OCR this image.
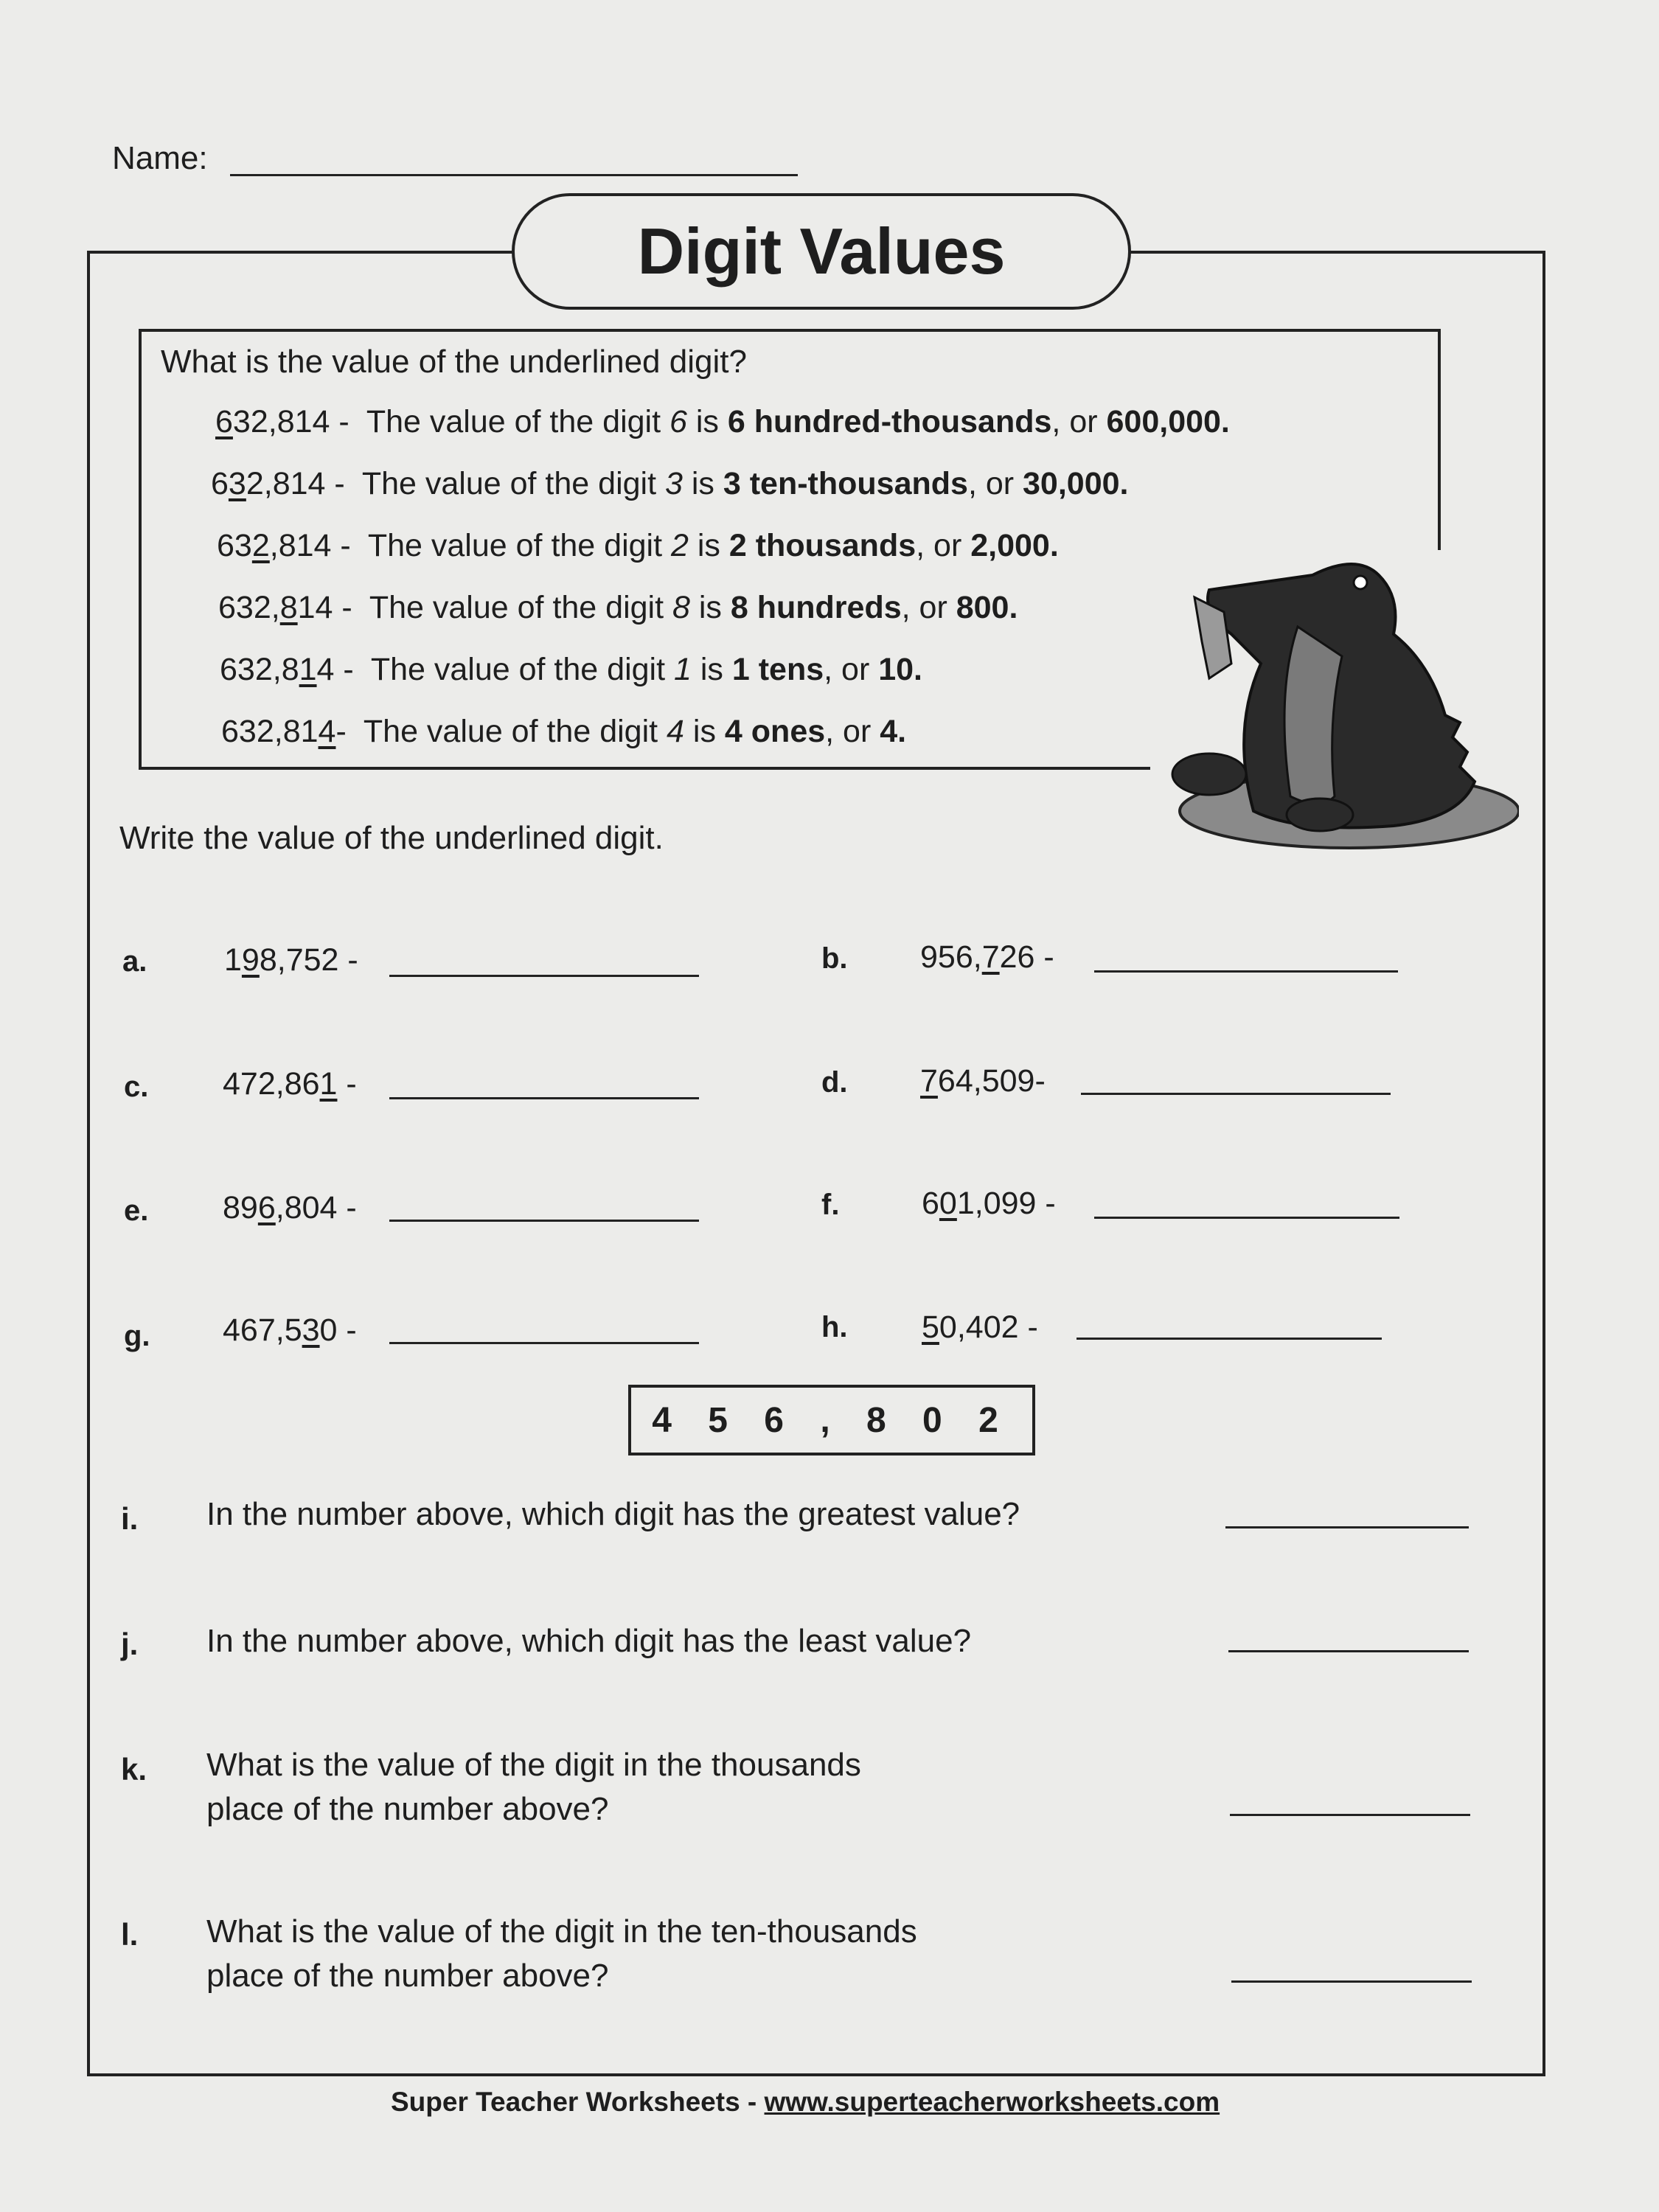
Name:
Digit Values
What is the value of the underlined digit?
632,814 -  The value of the digit 6 is 6 hundred-thousands, or 600,000.
632,814 -  The value of the digit 3 is 3 ten-thousands, or 30,000.
632,814 -  The value of the digit 2 is 2 thousands, or 2,000.
632,814 -  The value of the digit 8 is 8 hundreds, or 800.
632,814 -  The value of the digit 1 is 1 tens, or 10.
632,814-  The value of the digit 4 is 4 ones, or 4.
Write the value of the underlined digit.
a. 198,752 -	b. 956,726 -
c. 472,861 -	d. 764,509-
e. 896,804 -	f.	601,099 -
g. 467,530 -	h. 50,402 -
4 5 6 , 8 0 2
i. In the number above, which digit has the greatest value?
j. In the number above, which digit has the least value?
k. What is the value of the digit in the thousands
place of the number above?
l. What is the value of the digit in the ten-thousands
place of the number above?
Super Teacher Worksheets - www.superteacherworksheets.com
